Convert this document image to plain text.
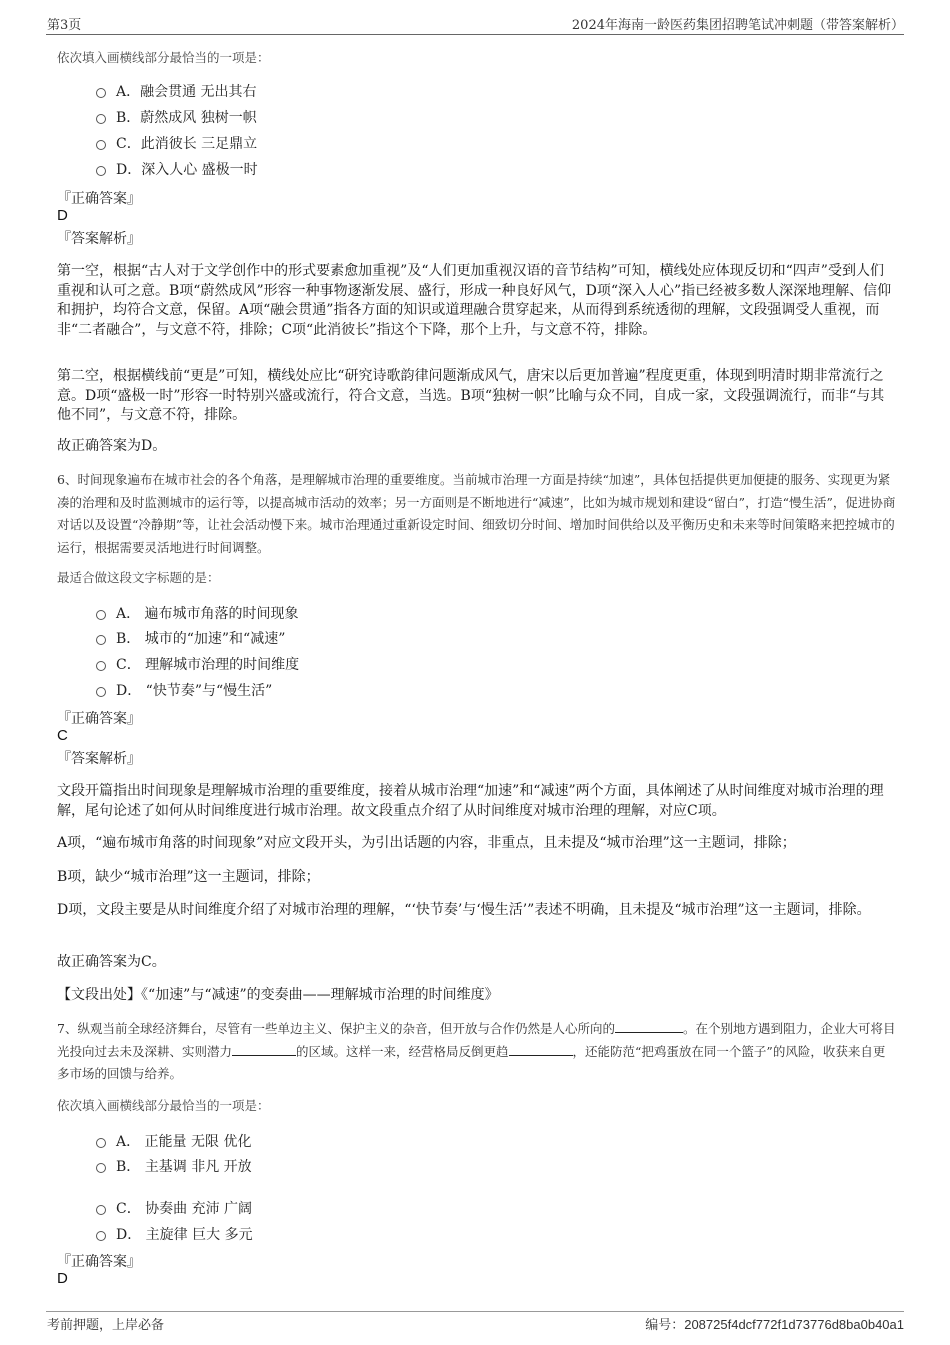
第3页	2024年海南一龄医药集团招聘笔试冲刺题（带答案解析）
依次填入画横线部分最恰当的一项是：
A．融会贯通 无出其右
B．蔚然成风 独树一帜
C．此消彼长 三足鼎立
D．深入人心 盛极一时
『正确答案』
D
『答案解析』
第一空，根据“古人对于文学创作中的形式要素愈加重视”及“人们更加重视汉语的音节结构”可知，横线处应体现反切和“四声”受到人们重视和认可之意。B项“蔚然成风”形容一种事物逐渐发展、盛行，形成一种良好风气，D项“深入人心”指已经被多数人深深地理解、信仰和拥护，均符合文意，保留。A项“融会贯通”指各方面的知识或道理融合贯穿起来，从而得到系统透彻的理解，文段强调受人重视，而非“二者融合”，与文意不符，排除；C项“此消彼长”指这个下降，那个上升，与文意不符，排除。
第二空，根据横线前“更是”可知，横线处应比“研究诗歌韵律问题渐成风气，唐宋以后更加普遍”程度更重，体现到明清时期非常流行之意。D项“盛极一时”形容一时特别兴盛或流行，符合文意，当选。B项“独树一帜”比喻与众不同，自成一家，文段强调流行，而非“与其他不同”，与文意不符，排除。
故正确答案为D。
6、时间现象遍布在城市社会的各个角落，是理解城市治理的重要维度。当前城市治理一方面是持续“加速”，具体包括提供更加便捷的服务、实现更为紧凑的治理和及时监测城市的运行等，以提高城市活动的效率；另一方面则是不断地进行“减速”，比如为城市规划和建设“留白”，打造“慢生活”，促进协商对话以及设置“冷静期”等，让社会活动慢下来。城市治理通过重新设定时间、细致切分时间、增加时间供给以及平衡历史和未来等时间策略来把控城市的运行，根据需要灵活地进行时间调整。
最适合做这段文字标题的是：
A． 遍布城市角落的时间现象
B． 城市的“加速”和“减速”
C． 理解城市治理的时间维度
D． “快节奏”与“慢生活”
『正确答案』
C
『答案解析』
文段开篇指出时间现象是理解城市治理的重要维度，接着从城市治理“加速”和“减速”两个方面，具体阐述了从时间维度对城市治理的理解，尾句论述了如何从时间维度进行城市治理。故文段重点介绍了从时间维度对城市治理的理解，对应C项。
A项，“遍布城市角落的时间现象”对应文段开头，为引出话题的内容，非重点，且未提及“城市治理”这一主题词，排除；
B项，缺少“城市治理”这一主题词，排除；
D项，文段主要是从时间维度介绍了对城市治理的理解，“‘快节奏’与‘慢生活’”表述不明确，且未提及“城市治理”这一主题词，排除。
故正确答案为C。
【文段出处】《“加速”与“减速”的变奏曲——理解城市治理的时间维度》
7、纵观当前全球经济舞台，尽管有一些单边主义、保护主义的杂音，但开放与合作仍然是人心所向的	。在个别地方遇到阻力，企业大可将目光投向过去未及深耕、实则潜力	的区域。这样一来，经营格局反倒更趋	，还能防范“把鸡蛋放在同一个篮子”的风险，收获来自更多市场的回馈与给养。
依次填入画横线部分最恰当的一项是：
A． 正能量 无限 优化
B． 主基调 非凡 开放
C． 协奏曲 充沛 广阔
D． 主旋律 巨大 多元
『正确答案』
D
考前押题，上岸必备	编号：208725f4dcf772f1d73776d8ba0b40a1
